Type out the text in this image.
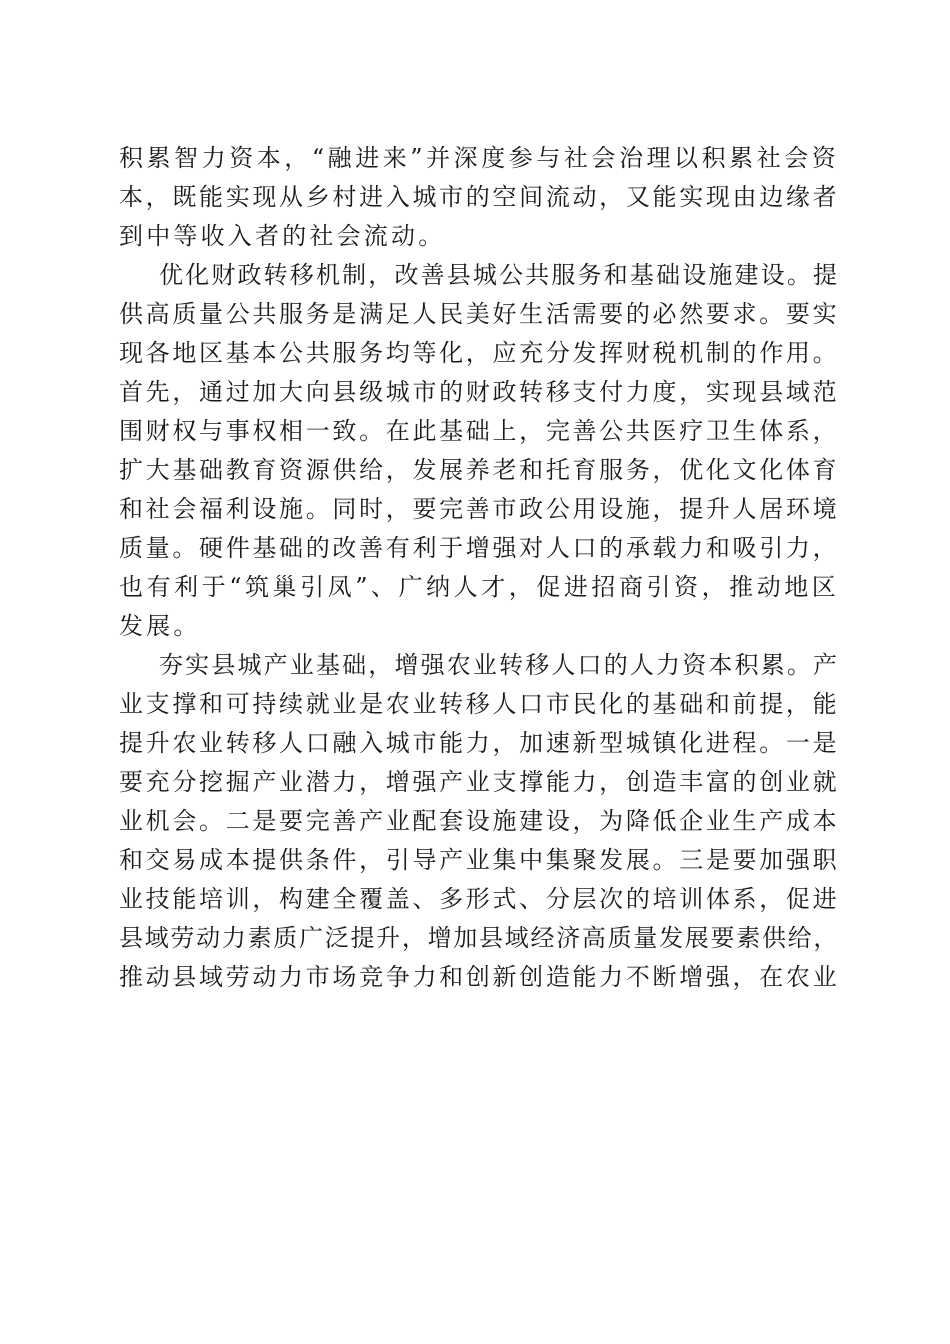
积累智力资本，“融进来”并深度参与社会治理以积累社会资
本，既能实现从乡村进入城市的空间流动，又能实现由边缘者
到中等收入者的社会流动。
优化财政转移机制，改善县城公共服务和基础设施建设。提
供高质量公共服务是满足人民美好生活需要的必然要求。要实
现各地区基本公共服务均等化，应充分发挥财税机制的作用。
首先，通过加大向县级城市的财政转移支付力度，实现县域范
围财权与事权相一致。在此基础上，完善公共医疗卫生体系，
扩大基础教育资源供给，发展养老和托育服务，优化文化体育
和社会福利设施。同时，要完善市政公用设施，提升人居环境
质量。硬件基础的改善有利于增强对人口的承载力和吸引力，
也有利于“筑巢引凤”、广纳人才，促进招商引资，推动地区
发展。
夯实县城产业基础，增强农业转移人口的人力资本积累。产
业支撑和可持续就业是农业转移人口市民化的基础和前提，能
提升农业转移人口融入城市能力，加速新型城镇化进程。一是
要充分挖掘产业潜力，增强产业支撑能力，创造丰富的创业就
业机会。二是要完善产业配套设施建设，为降低企业生产成本
和交易成本提供条件，引导产业集中集聚发展。三是要加强职
业技能培训，构建全覆盖、多形式、分层次的培训体系，促进
县域劳动力素质广泛提升，增加县域经济高质量发展要素供给，
推动县域劳动力市场竞争力和创新创造能力不断增强，在农业
